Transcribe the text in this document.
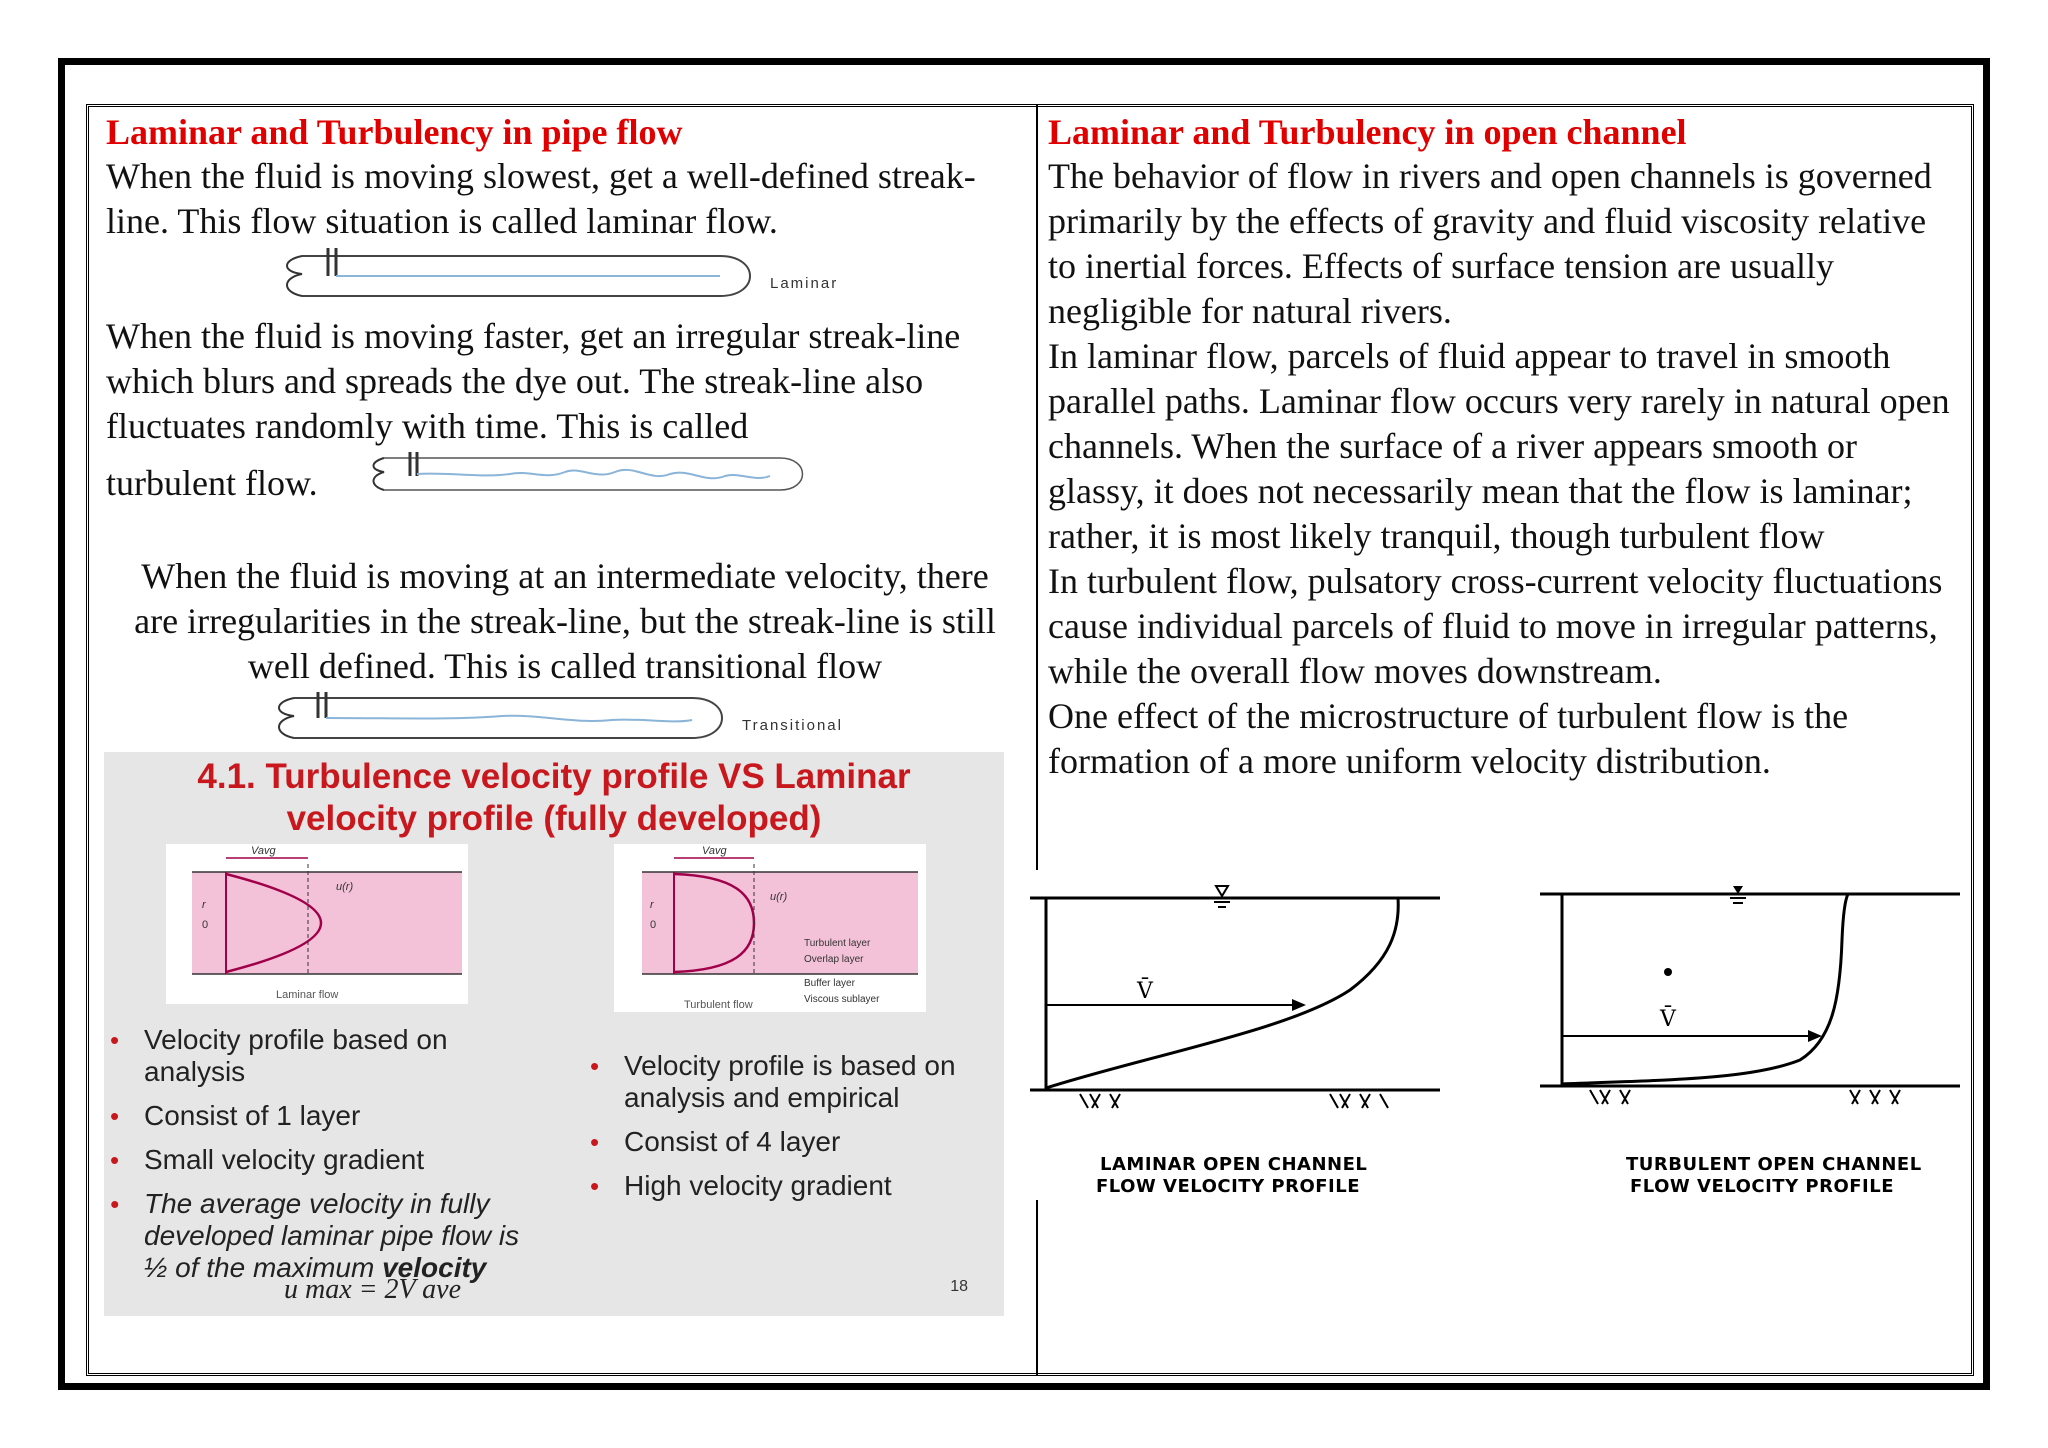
Laminar and Turbulency in pipe flow

When the fluid is moving slowest, get a well-defined streak-line. This flow situation is called laminar flow.

Laminar

When the fluid is moving faster, get an irregular streak-line which blurs and spreads the dye out. The streak-line also fluctuates randomly with time. This is called

turbulent flow.

When the fluid is moving at an intermediate velocity, there are irregularities in the streak-line, but the streak-line is still well defined. This is called transitional flow

Transitional
4.1. Turbulence velocity profile VS Laminar
velocity profile (fully developed)
Vavg
u(r)
r
0
Laminar flow
Vavg
u(r)
r
0
Turbulent layer
Overlap layer
Buffer layer
Viscous sublayer
Turbulent flow
• Velocity profile based on analysis
• Consist of 1 layer
• Small velocity gradient
• The average velocity in fully developed laminar pipe flow is ½ of the maximum velocity
u max = 2V ave
• Velocity profile is based on analysis and empirical
• Consist of 4 layer
• High velocity gradient
18
Laminar and Turbulency in open channel

The behavior of flow in rivers and open channels is governed primarily by the effects of gravity and fluid viscosity relative to inertial forces. Effects of surface tension are usually negligible for natural rivers.

In laminar flow, parcels of fluid appear to travel in smooth parallel paths. Laminar flow occurs very rarely in natural open channels. When the surface of a river appears smooth or glassy, it does not necessarily mean that the flow is laminar; rather, it is most likely tranquil, though turbulent flow

In turbulent flow, pulsatory cross-current velocity fluctuations cause individual parcels of fluid to move in irregular patterns, while the overall flow moves downstream.

One effect of the microstructure of turbulent flow is the formation of a more uniform velocity distribution.

V̄
LAMINAR OPEN CHANNEL
FLOW VELOCITY PROFILE
V̄
TURBULENT OPEN CHANNEL
FLOW VELOCITY PROFILE
